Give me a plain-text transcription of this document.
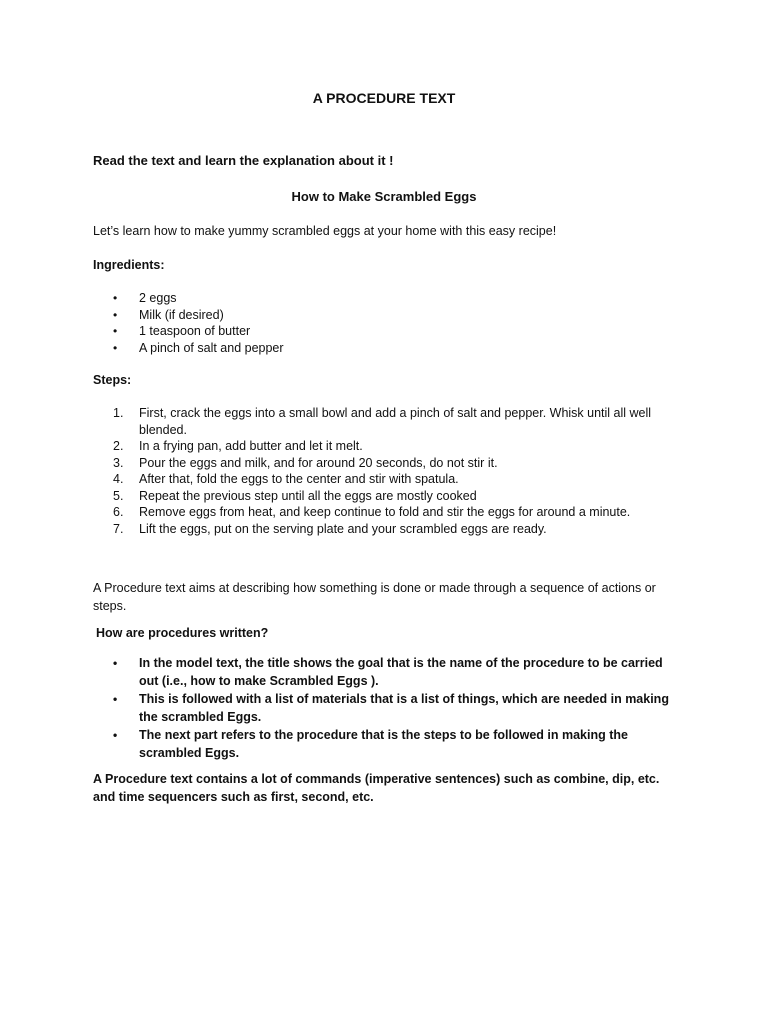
A PROCEDURE TEXT

Read the text and learn the explanation about it !

How to Make Scrambled Eggs

Let’s learn how to make yummy scrambled eggs at your home with this easy recipe!

Ingredients:

• 2 eggs
• Milk (if desired)
• 1 teaspoon of butter
• A pinch of salt and pepper

Steps:

1.	First, crack the eggs into a small bowl and add a pinch of salt and pepper. Whisk until all well blended.
2.	In a frying pan, add butter and let it melt.
3.	Pour the eggs and milk, and for around 20 seconds, do not stir it.
4.	After that, fold the eggs to the center and stir with spatula.
5.	Repeat the previous step until all the eggs are mostly cooked
6.	Remove eggs from heat, and keep continue to fold and stir the eggs for around a minute.
7.	Lift the eggs, put on the serving plate and your scrambled eggs are ready.

A Procedure text aims at describing how something is done or made through a sequence of actions or steps.

How are procedures written?

• In the model text, the title shows the goal that is the name of the procedure to be carried out (i.e., how to make Scrambled Eggs ).
• This is followed with a list of materials that is a list of things, which are needed in making the scrambled Eggs.
• The next part refers to the procedure that is the steps to be followed in making the scrambled Eggs.

A Procedure text contains a lot of commands (imperative sentences) such as combine, dip, etc. and time sequencers such as first, second, etc.
